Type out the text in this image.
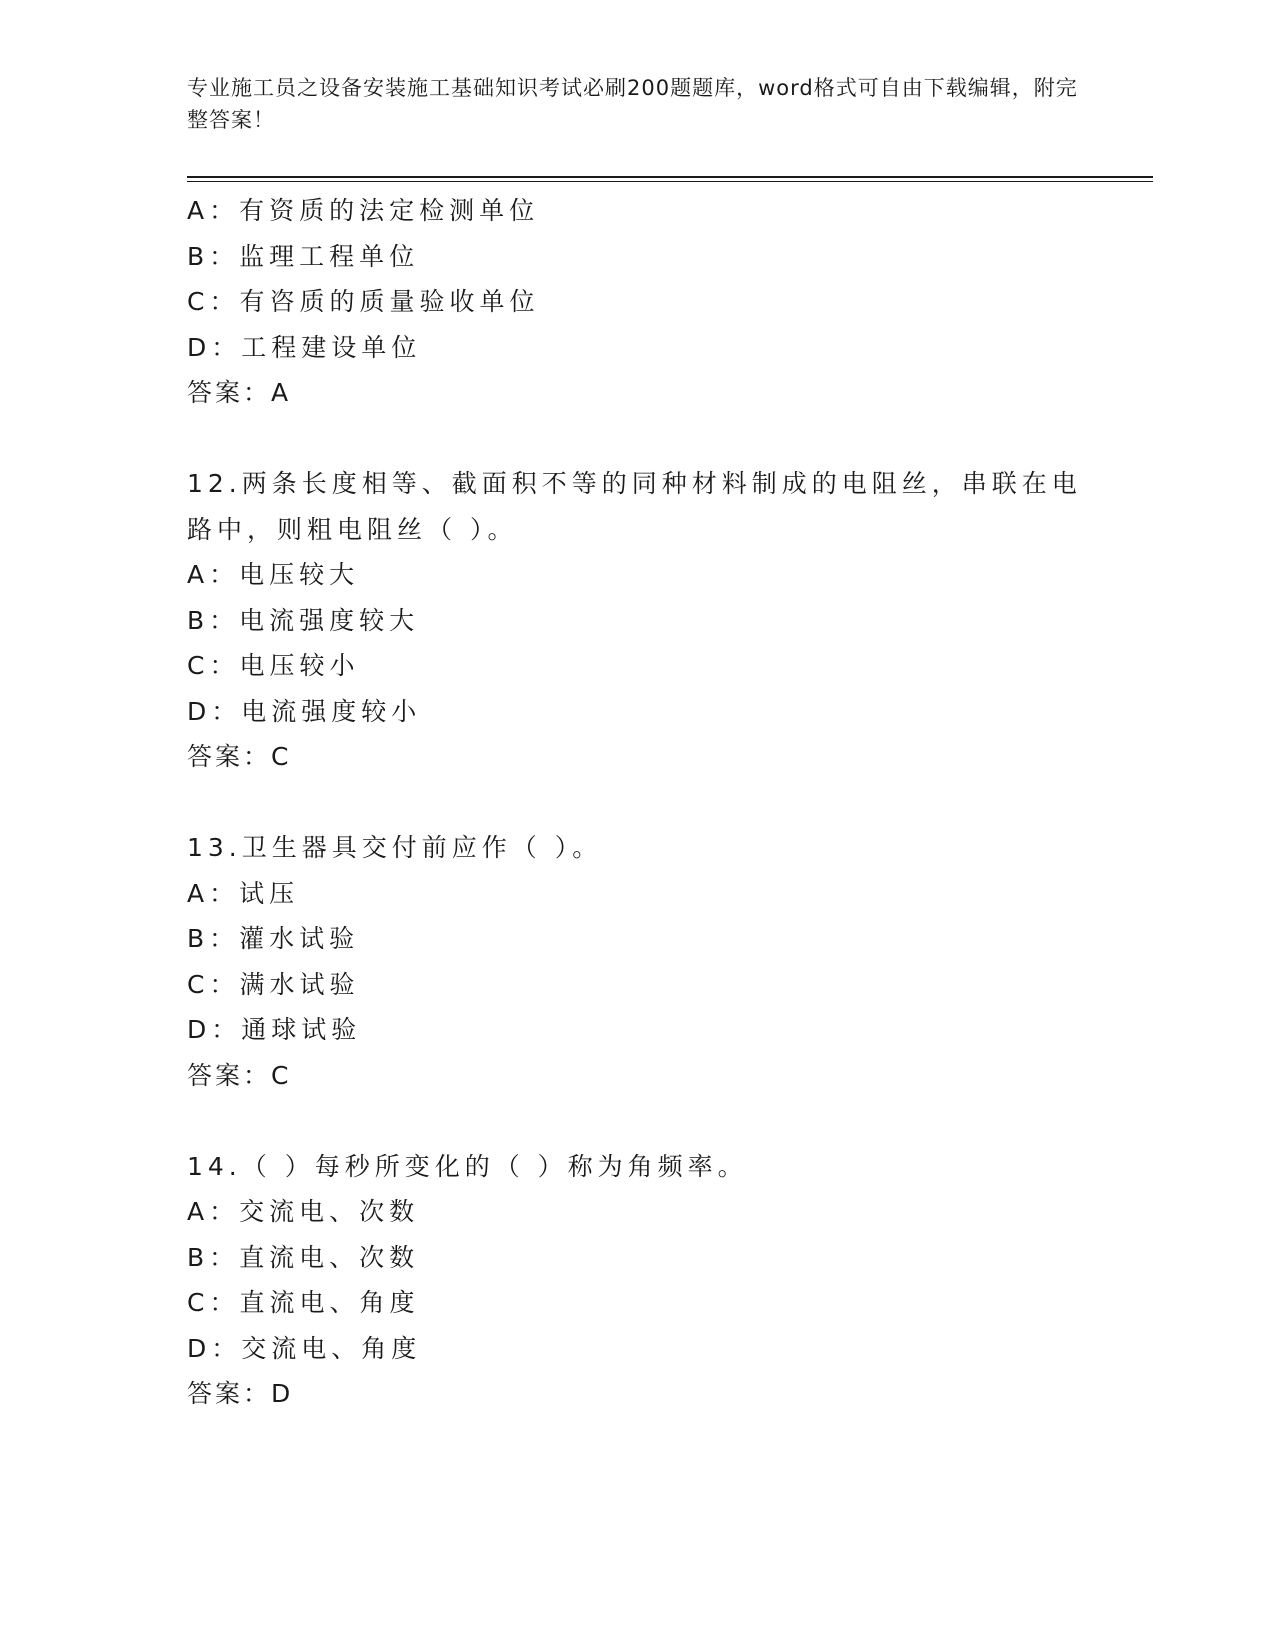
专业施工员之设备安装施工基础知识考试必刷200题题库，word格式可自由下载编辑，附完整答案！
A：有资质的法定检测单位
B：监理工程单位
C：有咨质的质量验收单位
D：工程建设单位
答案：A
12.两条长度相等、截面积不等的同种材料制成的电阻丝，串联在电路中，则粗电阻丝（ ）。
A：电压较大
B：电流强度较大
C：电压较小
D：电流强度较小
答案：C
13.卫生器具交付前应作（ ）。
A：试压
B：灌水试验
C：满水试验
D：通球试验
答案：C
14.（ ）每秒所变化的（ ）称为角频率。
A：交流电、次数
B：直流电、次数
C：直流电、角度
D：交流电、角度
答案：D
